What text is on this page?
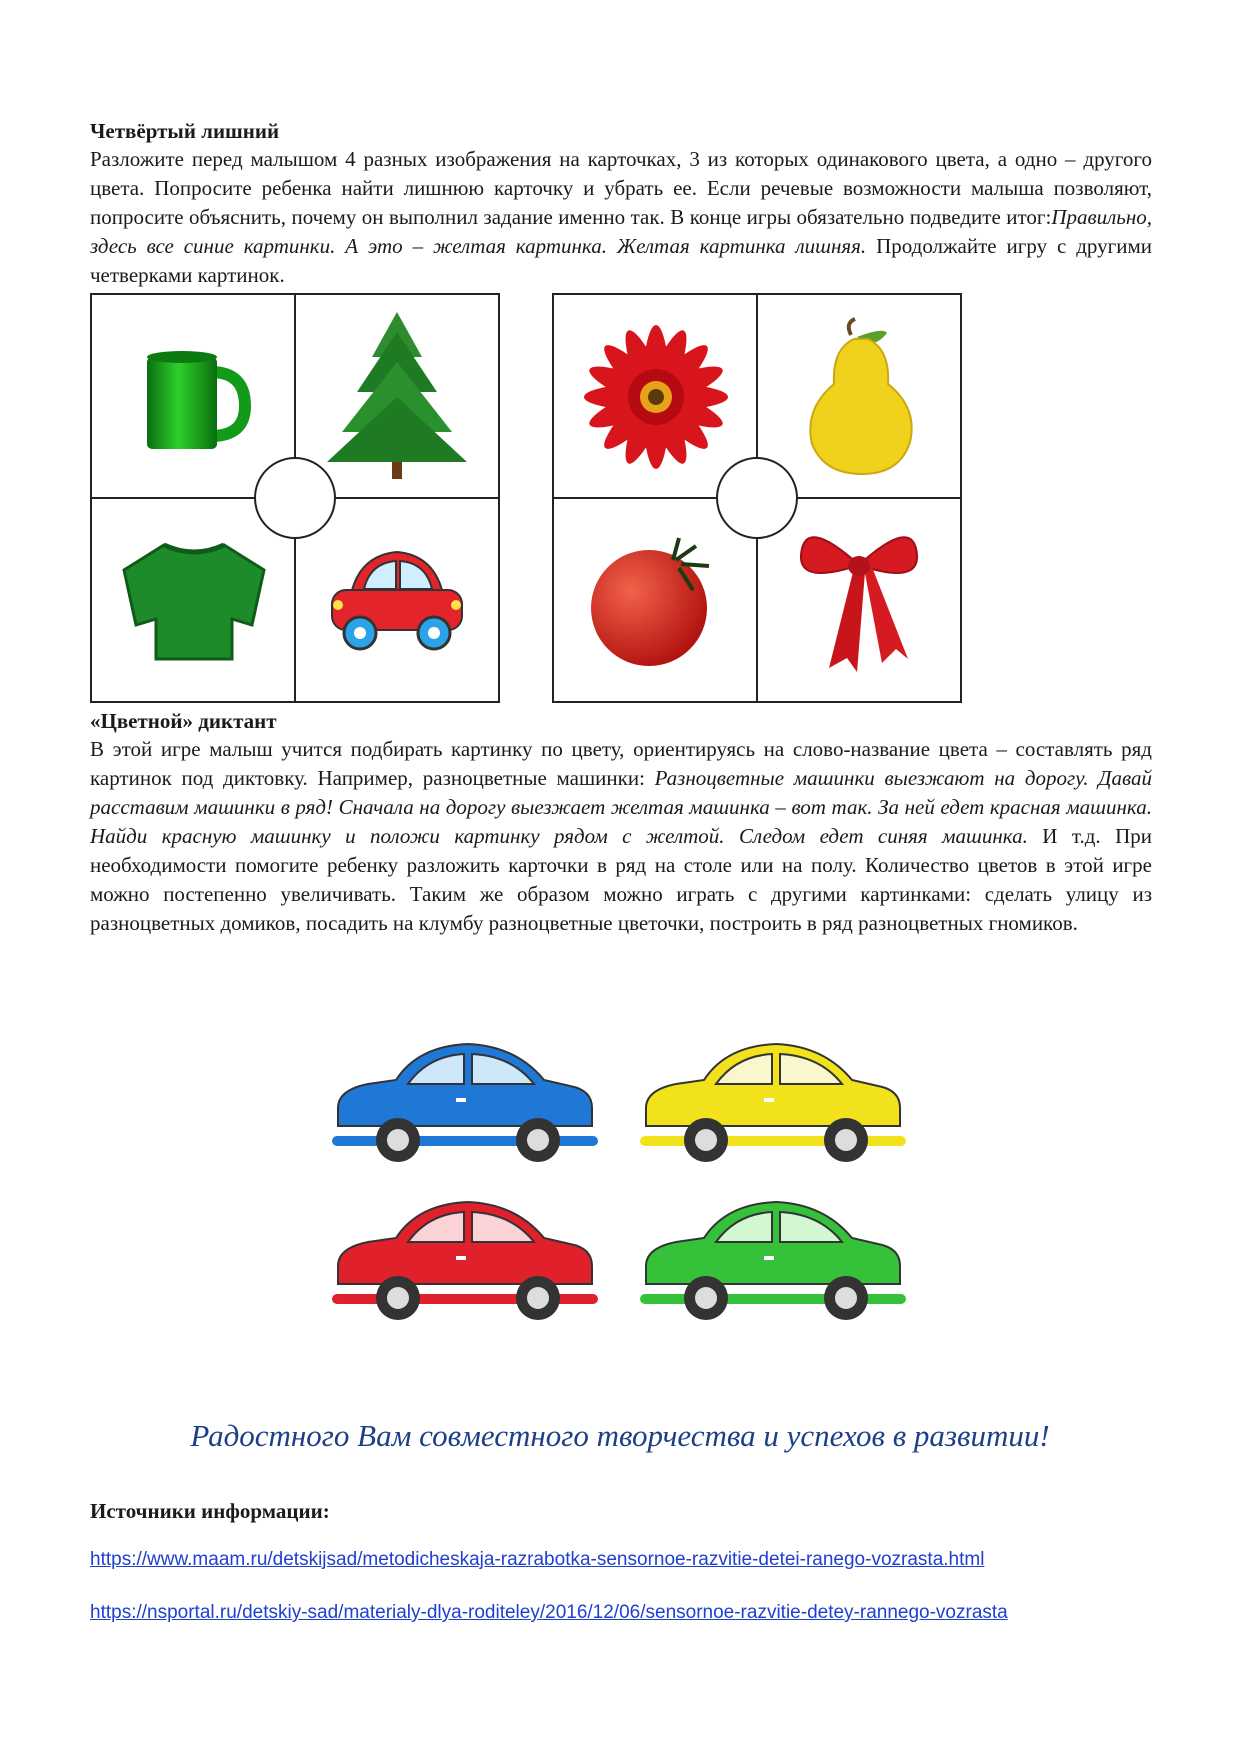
Четвёртый лишний

Разложите перед малышом 4 разных изображения на карточках, 3 из которых одинакового цвета, а одно – другого цвета. Попросите ребенка найти лишнюю карточку и убрать ее. Если речевые возможности малыша позволяют, попросите объяснить, почему он выполнил задание именно так. В конце игры обязательно подведите итог:Правильно, здесь все синие картинки. А это – желтая картинка. Желтая картинка лишняя. Продолжайте игру с другими четверками картинок.

«Цветной» диктант

В этой игре малыш учится подбирать картинку по цвету, ориентируясь на слово-название цвета – составлять ряд картинок под диктовку. Например, разноцветные машинки: Разноцветные машинки выезжают на дорогу. Давай расставим машинки в ряд! Сначала на дорогу выезжает желтая машинка – вот так. За ней едет красная машинка. Найди красную машинку и положи картинку рядом с желтой. Следом едет синяя машинка. И т.д. При необходимости помогите ребенку разложить карточки в ряд на столе или на полу. Количество цветов в этой игре можно постепенно увеличивать. Таким же образом можно играть с другими картинками: сделать улицу из разноцветных домиков, посадить на клумбу разноцветные цветочки, построить в ряд разноцветных гномиков.

Радостного Вам совместного творчества и успехов в развитии!

Источники информации:

https://www.maam.ru/detskijsad/metodicheskaja-razrabotka-sensornoe-razvitie-detei-ranego-vozrasta.html
https://nsportal.ru/detskiy-sad/materialy-dlya-roditeley/2016/12/06/sensornoe-razvitie-detey-rannego-vozrasta
